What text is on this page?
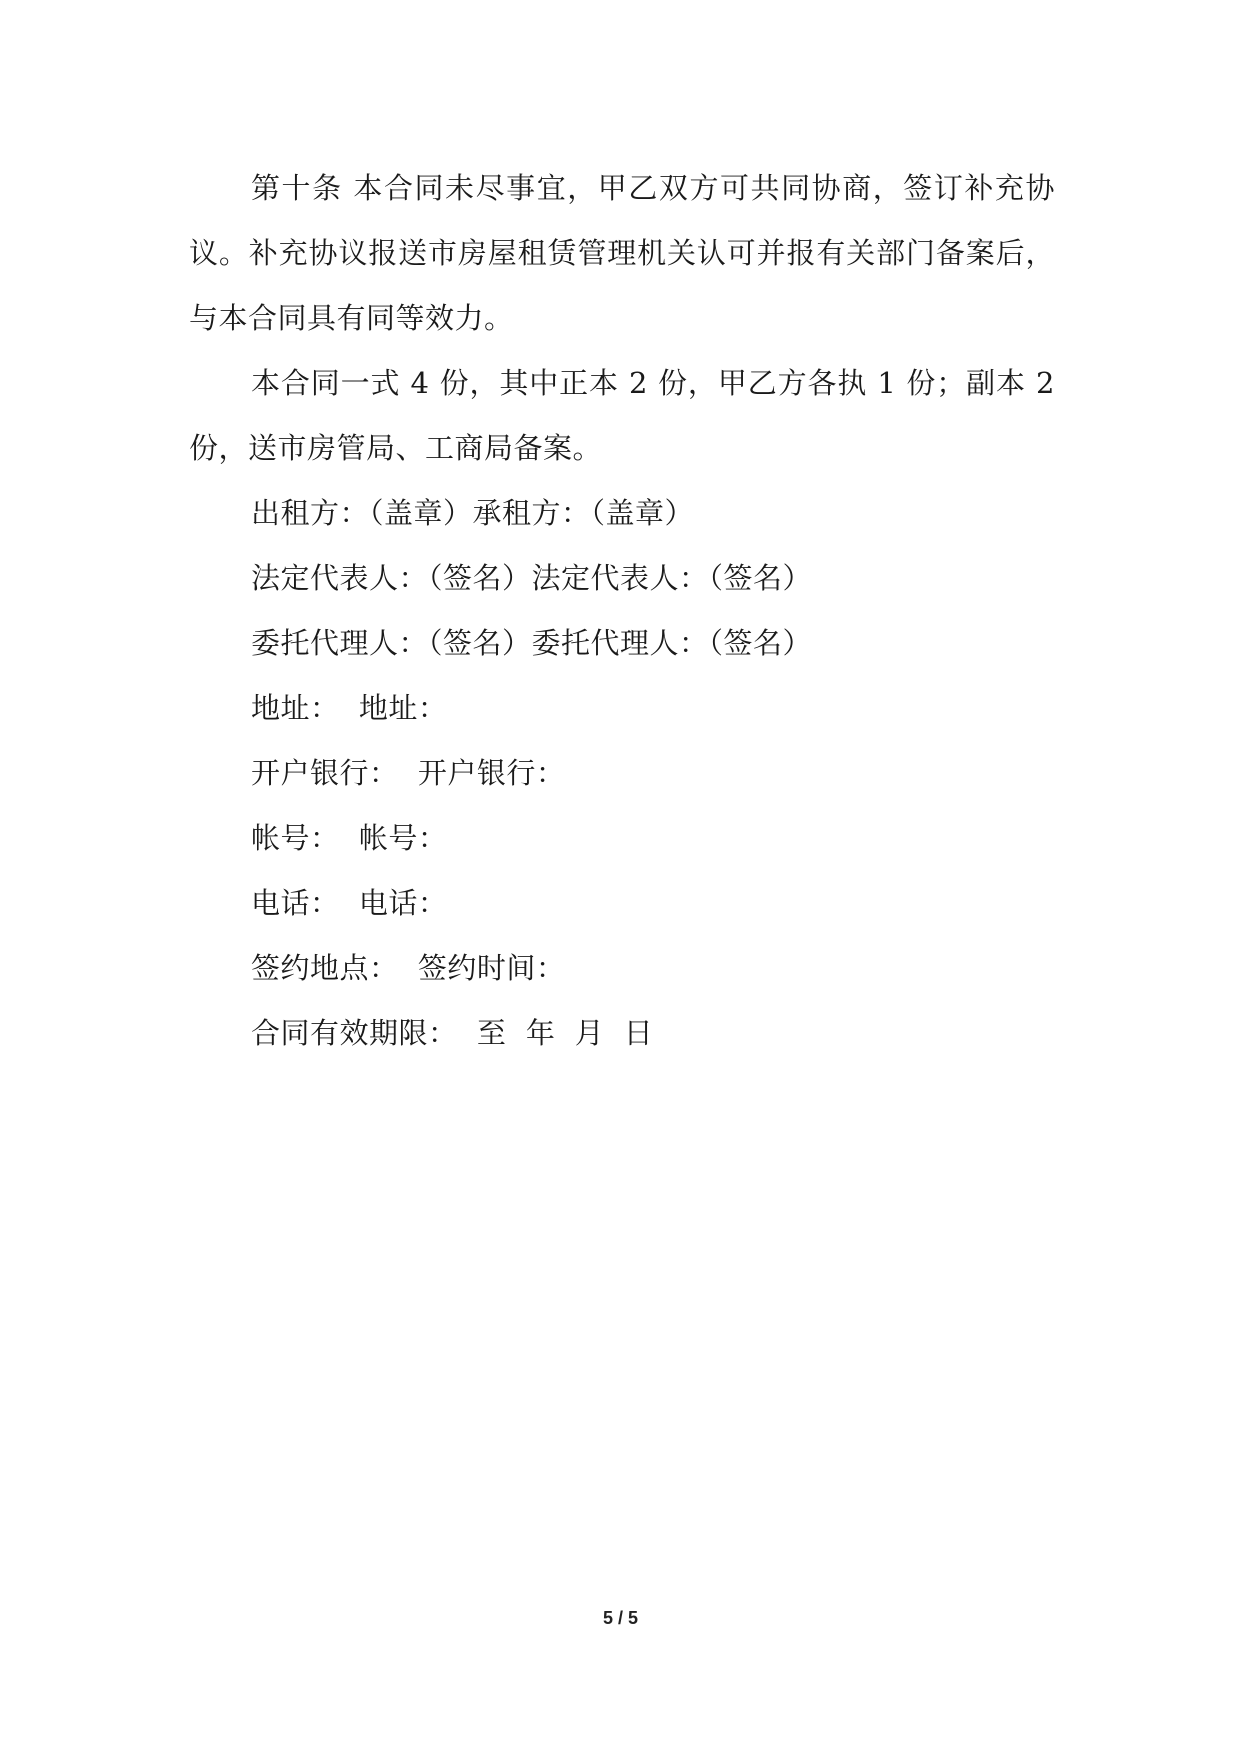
第十条 本合同未尽事宜，甲乙双方可共同协商，签订补充协议。补充协议报送市房屋租赁管理机关认可并报有关部门备案后，与本合同具有同等效力。

本合同一式 4 份，其中正本 2 份，甲乙方各执 1 份；副本 2 份，送市房管局、工商局备案。

出租方：（盖章）承租方：（盖章）

法定代表人：（签名）法定代表人：（签名）

委托代理人：（签名）委托代理人：（签名）

地址：  地址：

开户银行：  开户银行：

帐号：  帐号：

电话：  电话：

签约地点：  签约时间：

合同有效期限：  至  年  月  日

5 / 5
